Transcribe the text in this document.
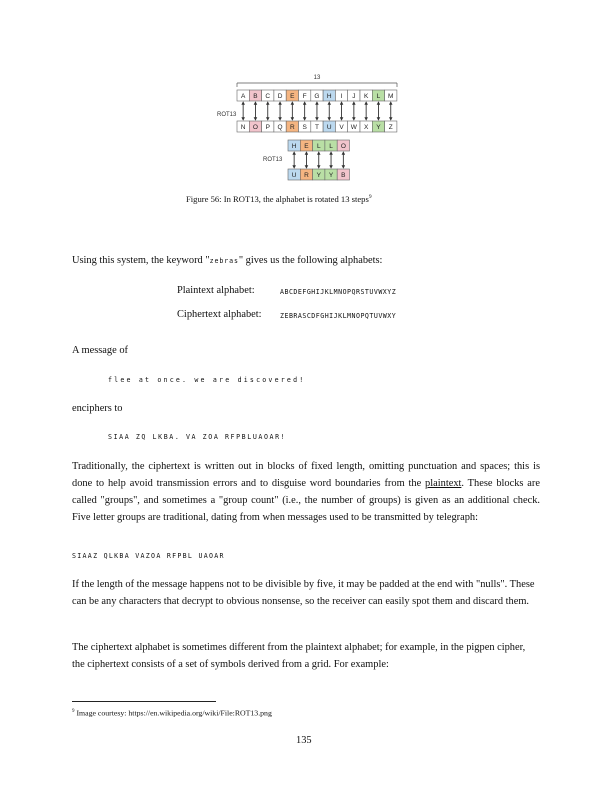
13
ROT13
A B C D E F G H I J K L M
N O P Q R S T U V W X Y Z
ROT13
H E L L O
U R Y Y B
Figure 56: In ROT13, the alphabet is rotated 13 steps$^9$
Using this system, the keyword "zebras" gives us the following alphabets:
Plaintext alphabet:	ABCDEFGHIJKLMNOPQRSTUVWXYZ
Ciphertext alphabet:	ZEBRASCDFGHIJKLMNOPQTUVWXY
A message of
flee at once. we are discovered!
enciphers to
SIAA ZQ LKBA. VA ZOA RFPBLUAOAR!

Traditionally, the ciphertext is written out in blocks of fixed length, omitting punctuation and spaces; this is done to help avoid transmission errors and to disguise word boundaries from the plaintext. These blocks are called "groups", and sometimes a "group count" (i.e., the number of groups) is given as an additional check. Five letter groups are traditional, dating from when messages used to be transmitted by telegraph:

SIAAZ QLKBA VAZOA RFPBL UAOAR

If the length of the message happens not to be divisible by five, it may be padded at the end with "nulls". These can be any characters that decrypt to obvious nonsense, so the receiver can easily spot them and discard them.

The ciphertext alphabet is sometimes different from the plaintext alphabet; for example, in the pigpen cipher, the ciphertext consists of a set of symbols derived from a grid. For example:

$^9$ Image courtesy: https://en.wikipedia.org/wiki/File:ROT13.png
135
